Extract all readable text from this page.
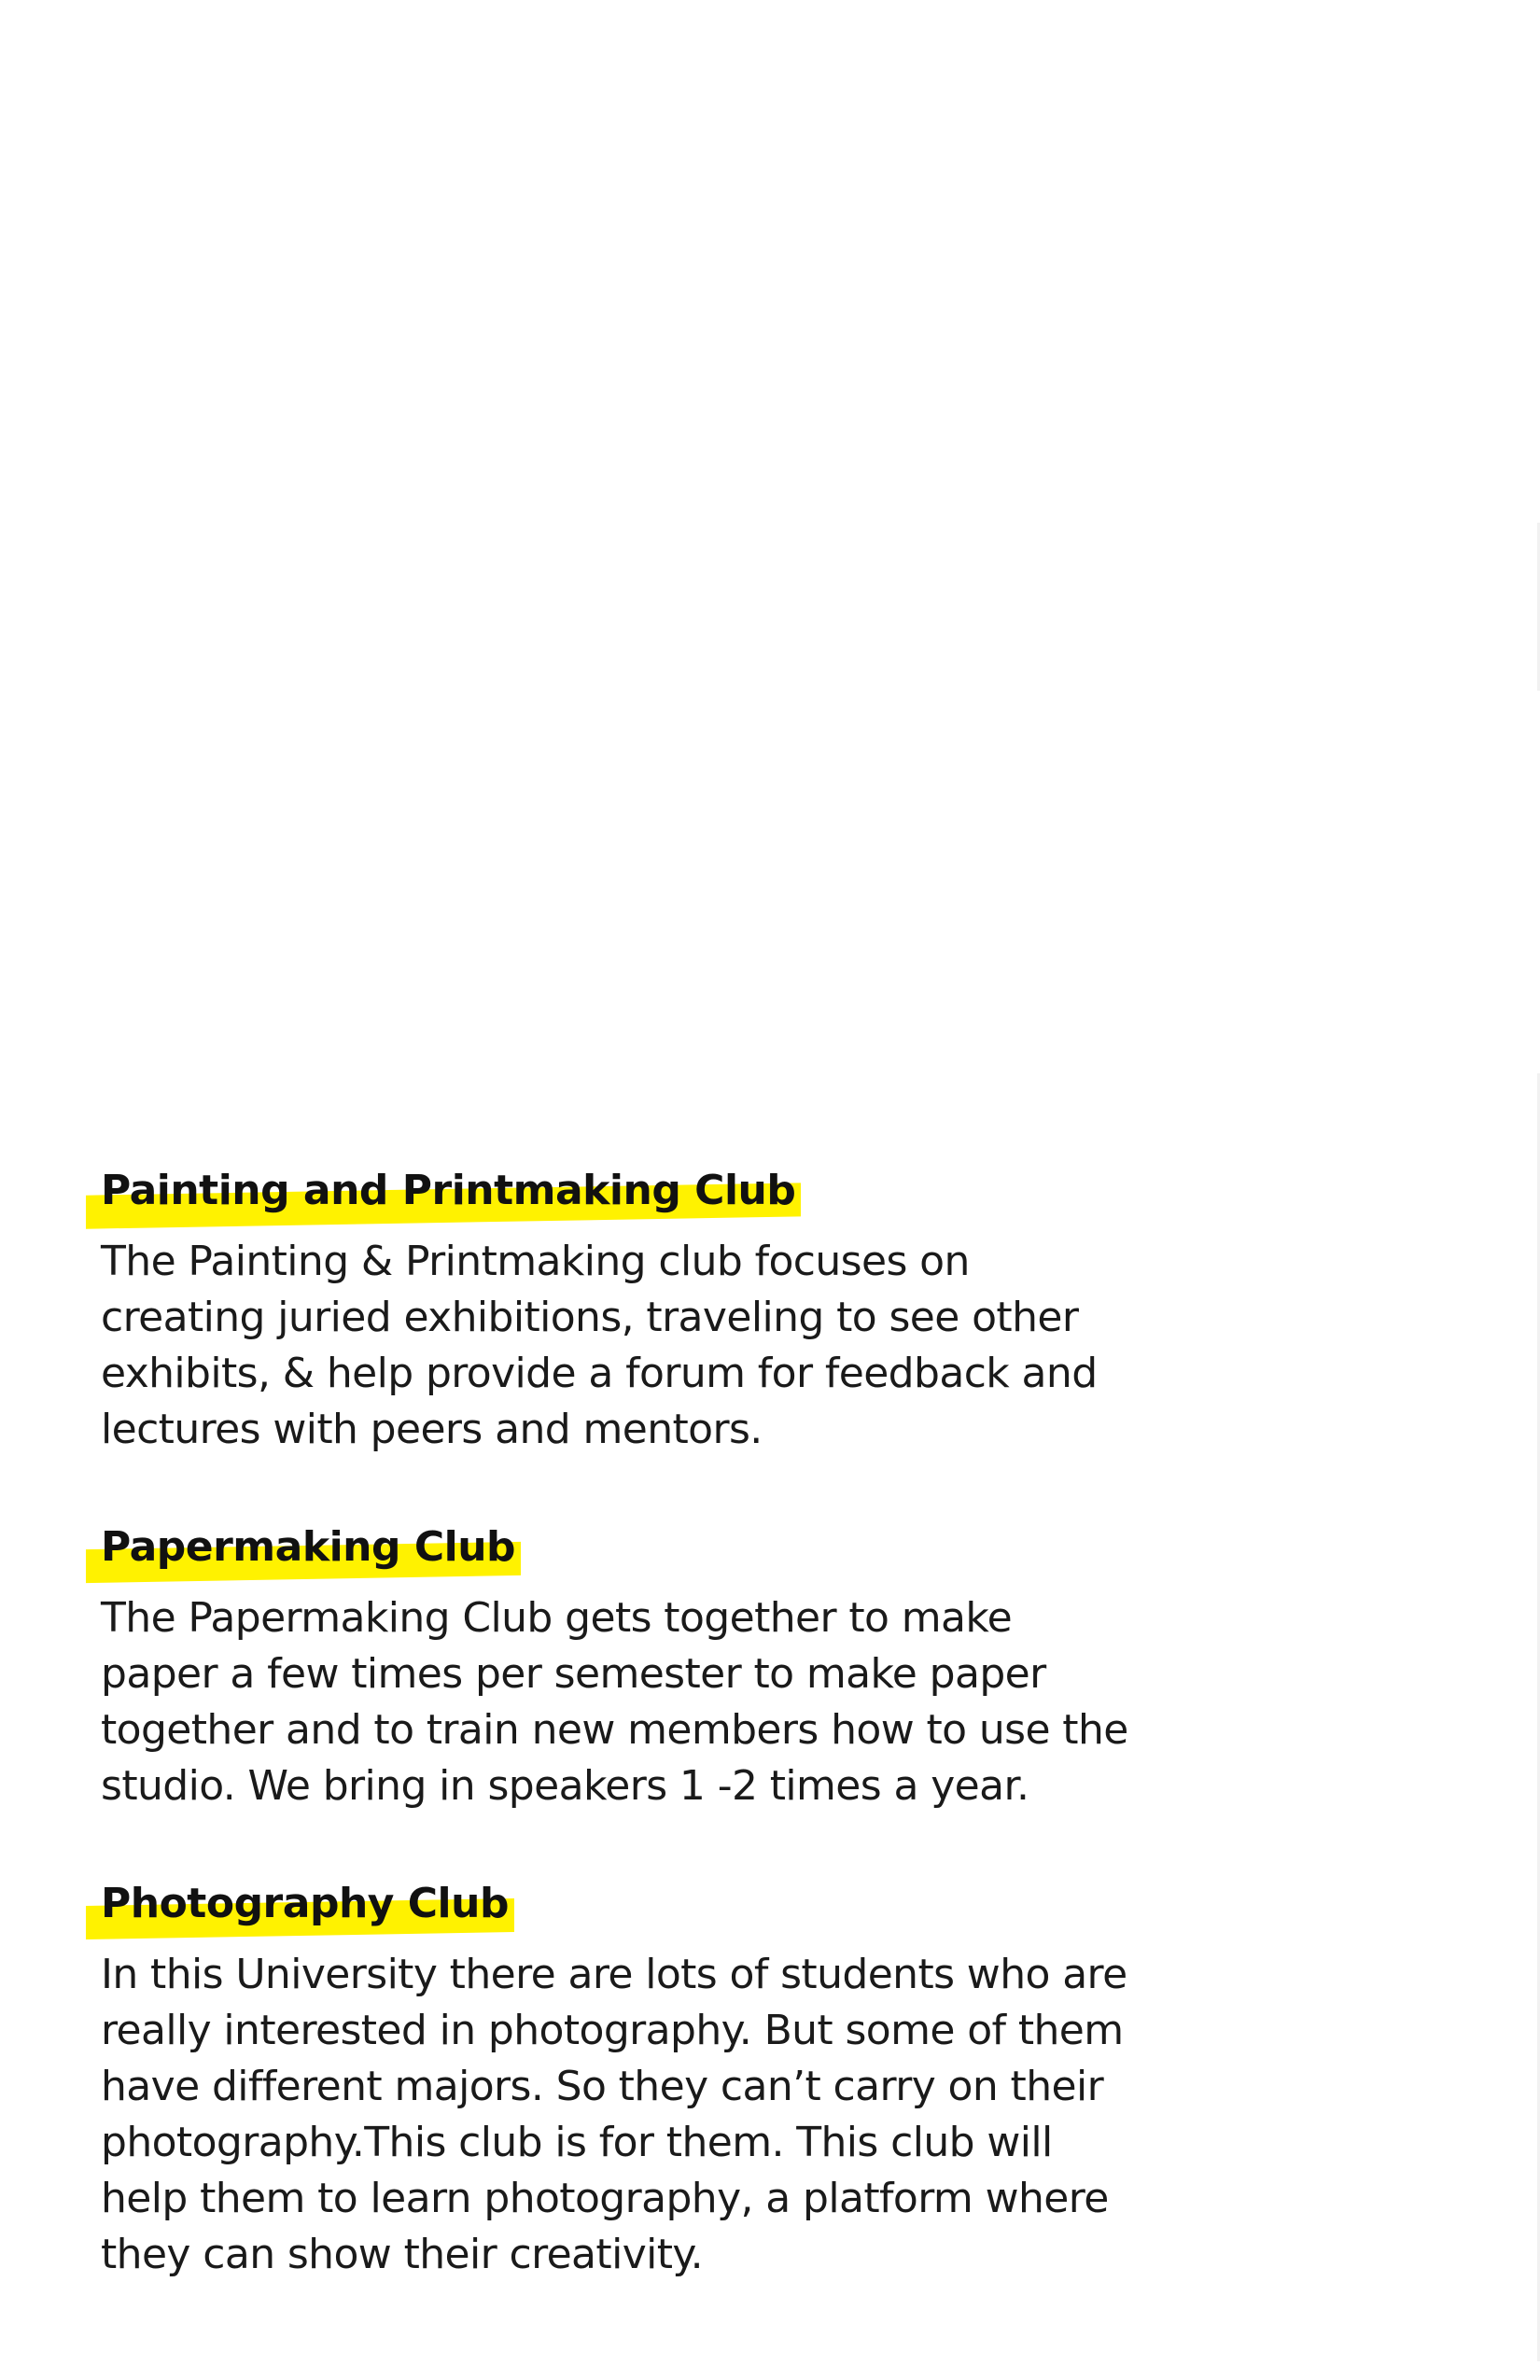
Painting and Printmaking Club

The Painting & Printmaking club focuses on
creating juried exhibitions, traveling to see other
exhibits, & help provide a forum for feedback and
lectures with peers and mentors.

Papermaking Club

The Papermaking Club gets together to make
paper a few times per semester to make paper
together and to train new members how to use the
studio. We bring in speakers 1 -2 times a year.

Photography Club

In this University there are lots of students who are
really interested in photography. But some of them
have different majors. So they can’t carry on their
photography.This club is for them. This club will
help them to learn photography, a platform where
they can show their creativity.
